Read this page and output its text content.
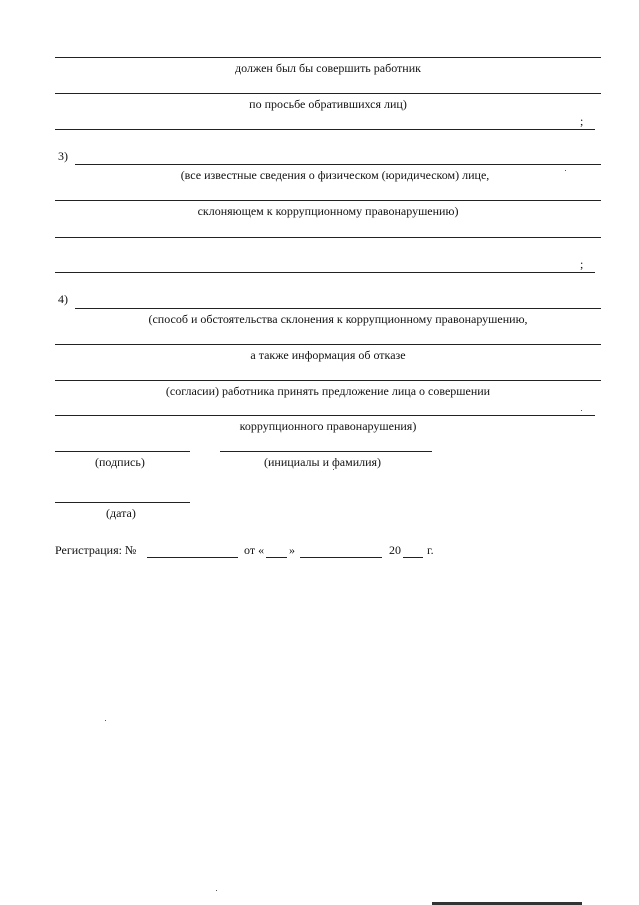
должен был бы совершить работник
по просьбе обратившихся лиц)
;
3)
(все известные сведения о физическом (юридическом) лице,
склоняющем к коррупционному правонарушению)
;
4)
(способ и обстоятельства склонения к коррупционному правонарушению,
а также информация об отказе
(согласии) работника принять предложение лица о совершении
коррупционного правонарушения)
(подпись)	(инициалы и фамилия)
(дата)
Регистрация: №	от « »	20 г.
